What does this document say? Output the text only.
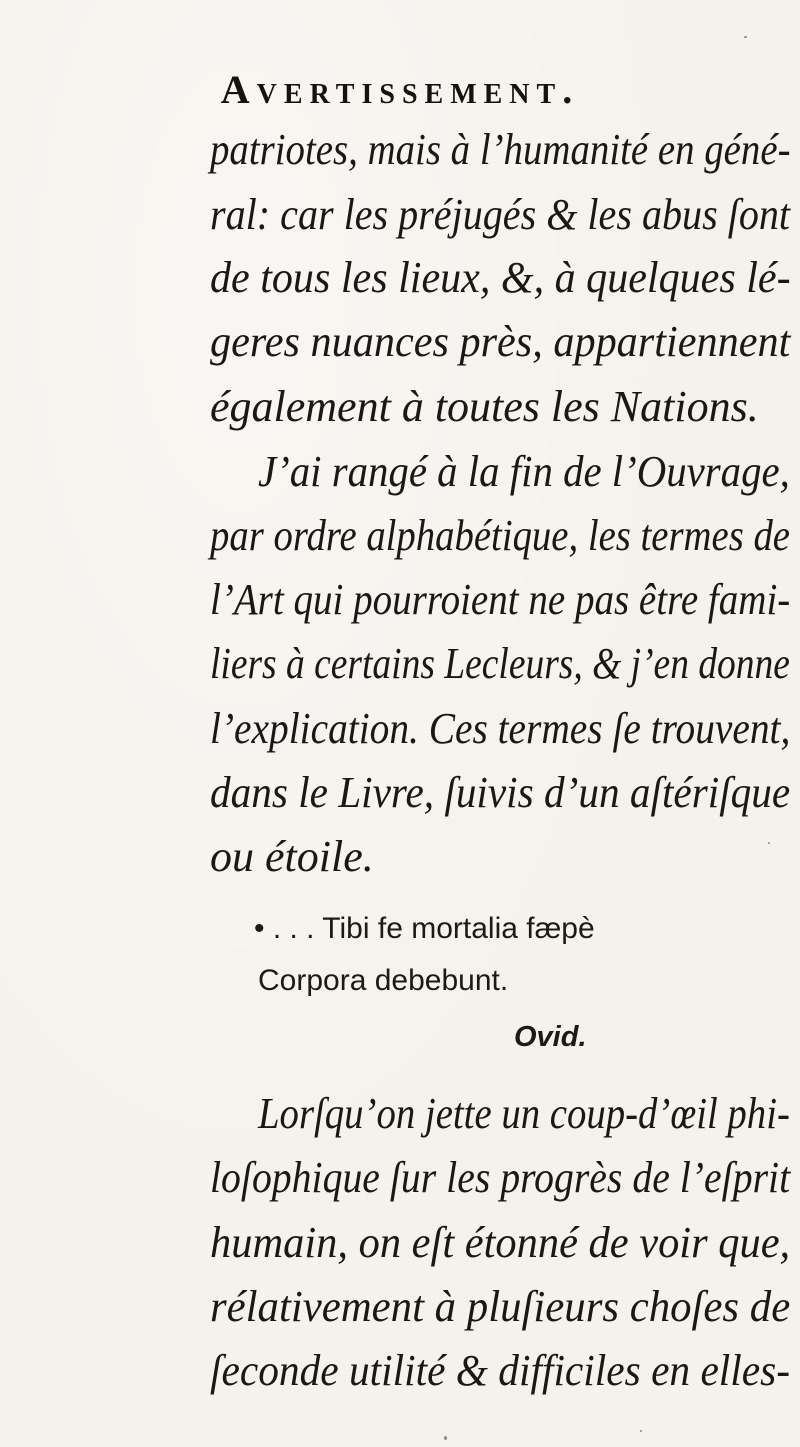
Avertissement.
patriotes, mais à l’humanité en géné-
ral: car les préjugés & les abus ſont
de tous les lieux, &, à quelques lé-
geres nuances près, appartiennent
également à toutes les Nations.
J’ai rangé à la fin de l’Ouvrage,
par ordre alphabétique, les termes de
l’Art qui pourroient ne pas être fami-
liers à certains Lecleurs, & j’en donne
l’explication. Ces termes ſe trouvent,
dans le Livre, ſuivis d’un aſtériſque
ou étoile.
• . . . Tibi fe mortalia fæpè
Corpora debebunt.
Ovid.
Lorſqu’on jette un coup-d’œil phi-
loſophique ſur les progrès de l’eſprit
humain, on eſt étonné de voir que,
rélativement à pluſieurs choſes de
ſeconde utilité & difficiles en elles-
